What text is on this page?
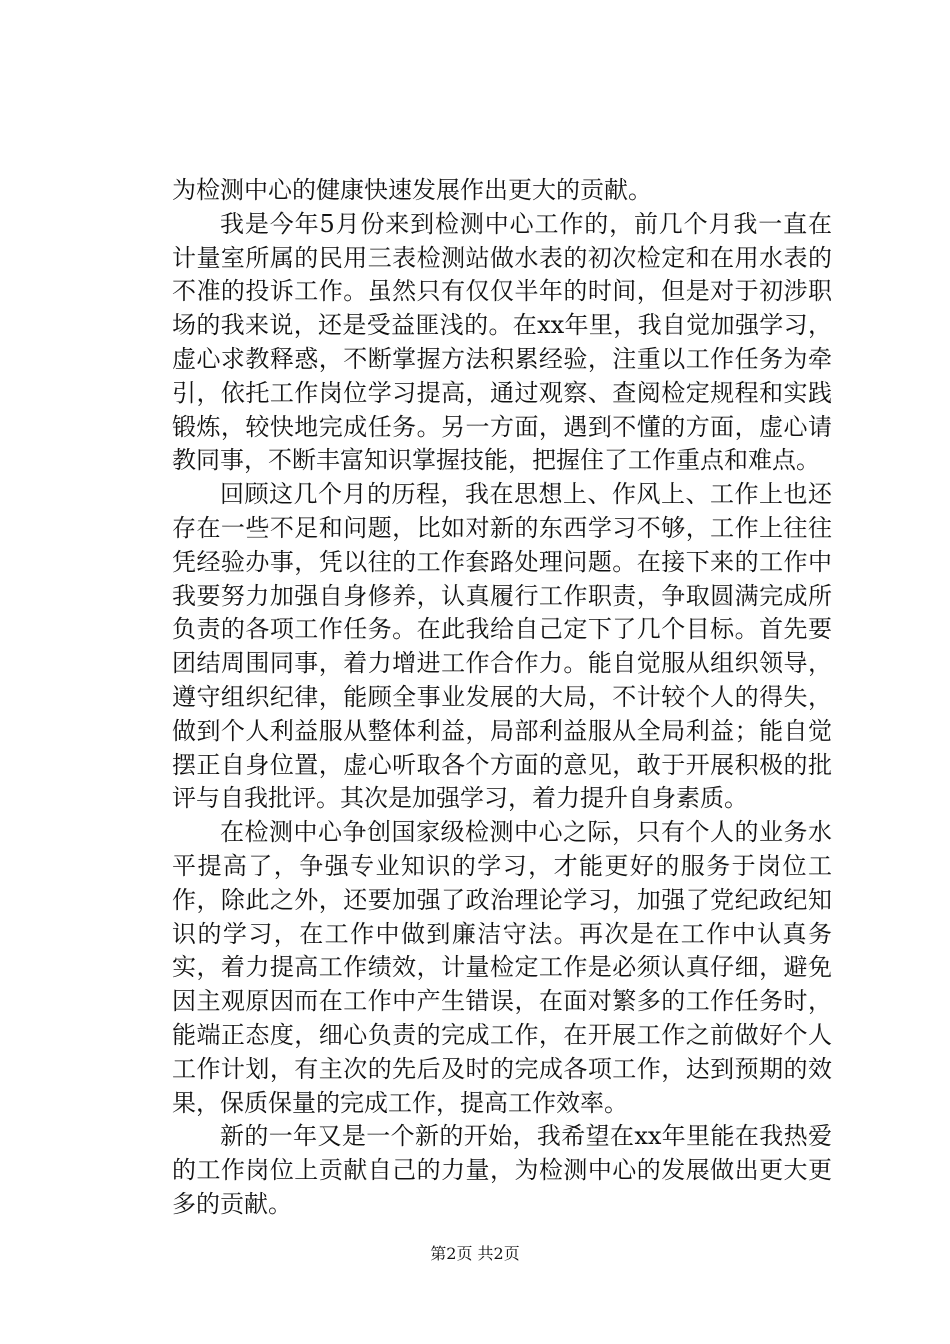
为检测中心的健康快速发展作出更大的贡献。

我是今年5月份来到检测中心工作的，前几个月我一直在计量室所属的民用三表检测站做水表的初次检定和在用水表的不准的投诉工作。虽然只有仅仅半年的时间，但是对于初涉职场的我来说，还是受益匪浅的。在xx年里，我自觉加强学习，虚心求教释惑，不断掌握方法积累经验，注重以工作任务为牵引，依托工作岗位学习提高，通过观察、查阅检定规程和实践锻炼，较快地完成任务。另一方面，遇到不懂的方面，虚心请教同事，不断丰富知识掌握技能，把握住了工作重点和难点。

回顾这几个月的历程，我在思想上、作风上、工作上也还存在一些不足和问题，比如对新的东西学习不够，工作上往往凭经验办事，凭以往的工作套路处理问题。在接下来的工作中我要努力加强自身修养，认真履行工作职责，争取圆满完成所负责的各项工作任务。在此我给自己定下了几个目标。首先要团结周围同事，着力增进工作合作力。能自觉服从组织领导，遵守组织纪律，能顾全事业发展的大局，不计较个人的得失，做到个人利益服从整体利益，局部利益服从全局利益；能自觉摆正自身位置，虚心听取各个方面的意见，敢于开展积极的批评与自我批评。其次是加强学习，着力提升自身素质。

在检测中心争创国家级检测中心之际，只有个人的业务水平提高了，争强专业知识的学习，才能更好的服务于岗位工作，除此之外，还要加强了政治理论学习，加强了党纪政纪知识的学习，在工作中做到廉洁守法。再次是在工作中认真务实，着力提高工作绩效，计量检定工作是必须认真仔细，避免因主观原因而在工作中产生错误，在面对繁多的工作任务时，能端正态度，细心负责的完成工作，在开展工作之前做好个人工作计划，有主次的先后及时的完成各项工作，达到预期的效果，保质保量的完成工作，提高工作效率。

新的一年又是一个新的开始，我希望在xx年里能在我热爱的工作岗位上贡献自己的力量，为检测中心的发展做出更大更多的贡献。

第2页 共2页
